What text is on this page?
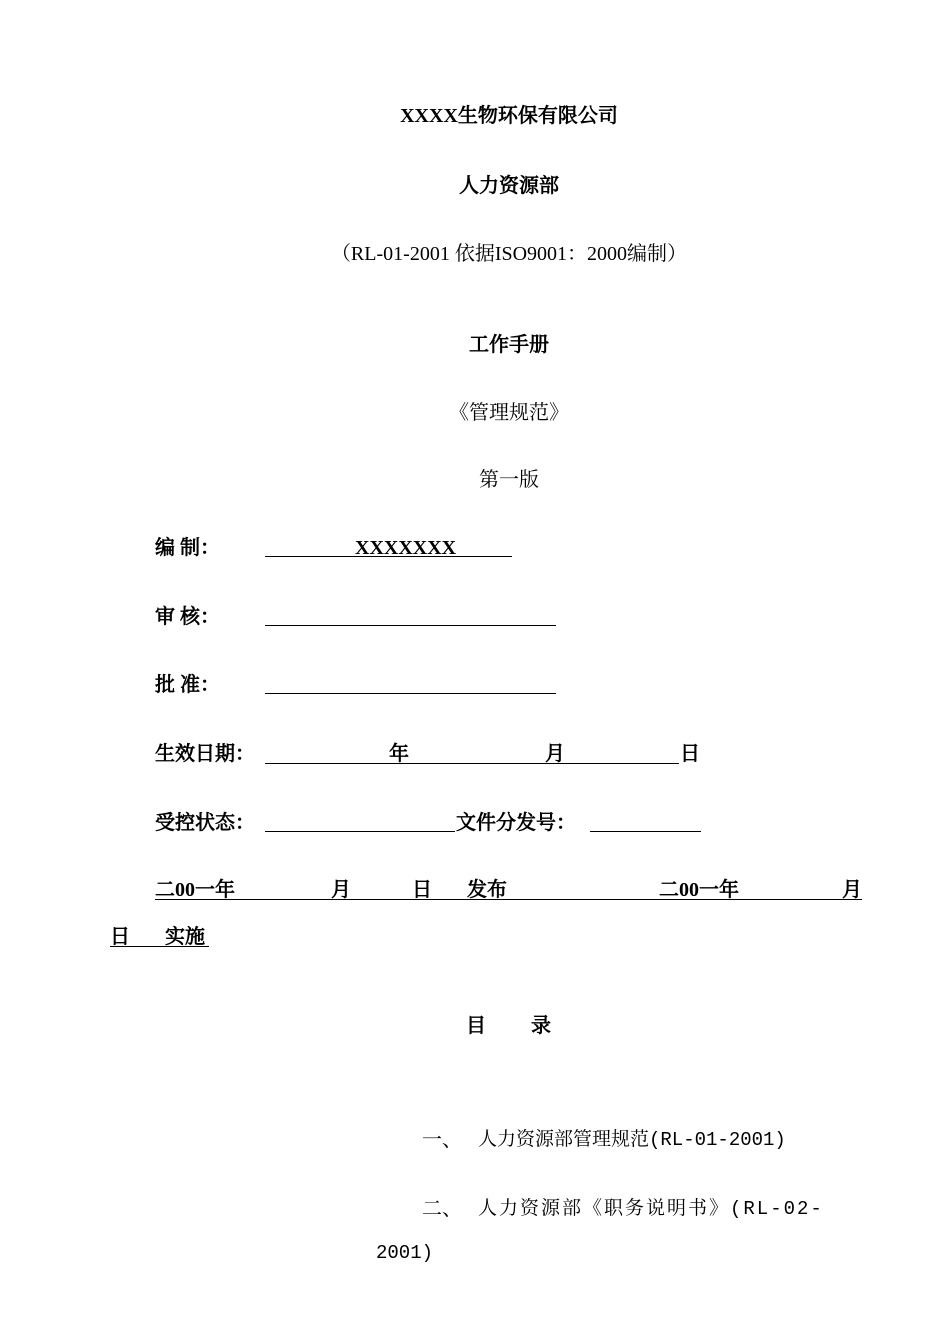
XXXX生物环保有限公司
人力资源部
（RL-01-2001 依据ISO9001：2000编制）
工作手册
《管理规范》
第一版
编 制：	XXXXXXX
审 核：
批 准：
生效日期：	年	月	日
受控状态：	文件分发号：
二00一年	月	日 发布	二00一年	月
日 实施
目 录
一、 人力资源部管理规范(RL-01-2001)
二、 人力资源部《职务说明书》(RL-02-
2001)
